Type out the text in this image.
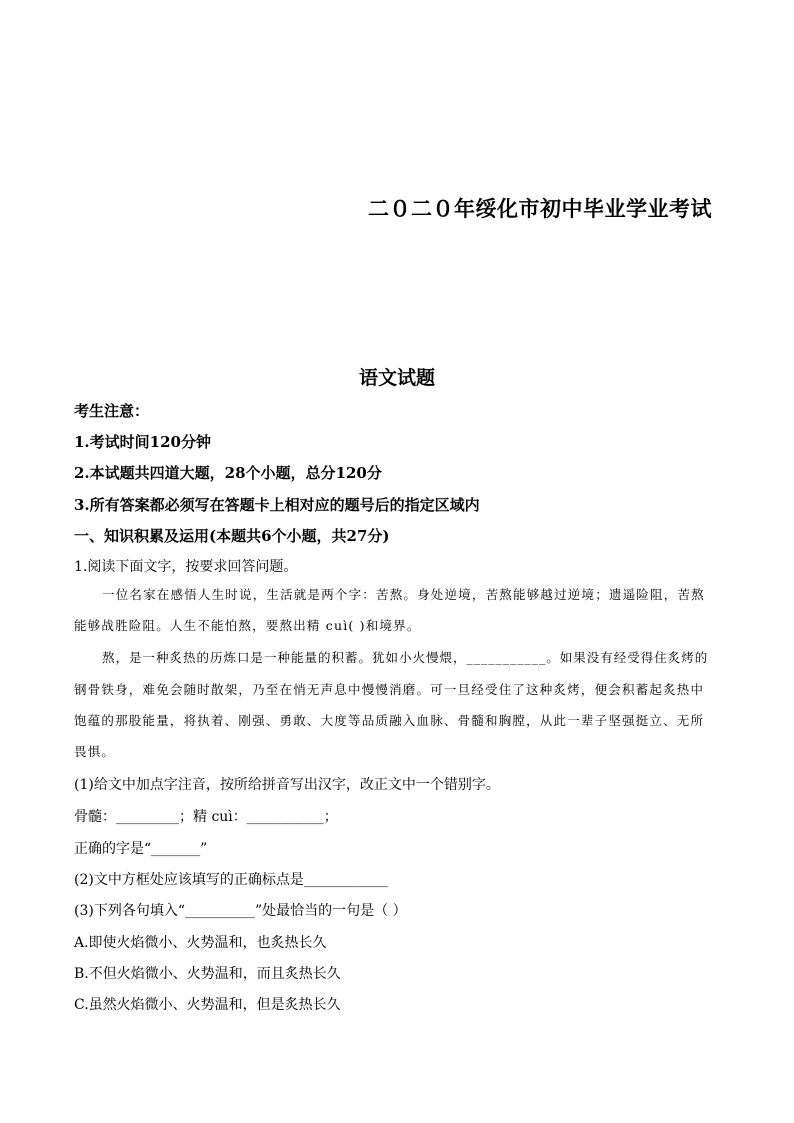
二０二０年绥化市初中毕业学业考试
语文试题
考生注意：
1.考试时间120分钟
2.本试题共四道大题，28个小题，总分120分
3.所有答案都必须写在答题卡上相对应的题号后的指定区域内
一、知识积累及运用(本题共6个小题，共27分)
1.阅读下面文字，按要求回答问题。
一位名家在感悟人生时说，生活就是两个字：苦熬。身处逆境，苦熬能够越过逆境；遗遥险阻，苦熬
能够战胜险阻。人生不能怕熬，要熬出精 cuì( )和境界。
熬，是一种炙热的历炼口是一种能量的积蓄。犹如小火慢煨，___________。如果没有经受得住炙烤的
钢骨铁身，难免会随时散架，乃至在悄无声息中慢慢消磨。可一旦经受住了这种炙烤，便会积蓄起炙热中
饱蕴的那股能量，将执着、刚强、勇敢、大度等品质融入血脉、骨髓和胸膛，从此一辈子坚强挺立、无所
畏惧。
(1)给文中加点字注音，按所给拼音写出汉字，改正文中一个错别字。
骨髓：_________；精 cuì：___________；
正确的字是“_______”
(2)文中方框处应该填写的正确标点是____________
(3)下列各句填入“__________”处最恰当的一句是（ ）
A.即使火焰微小、火势温和，也炙热长久
B.不但火焰微小、火势温和，而且炙热长久
C.虽然火焰微小、火势温和，但是炙热长久
